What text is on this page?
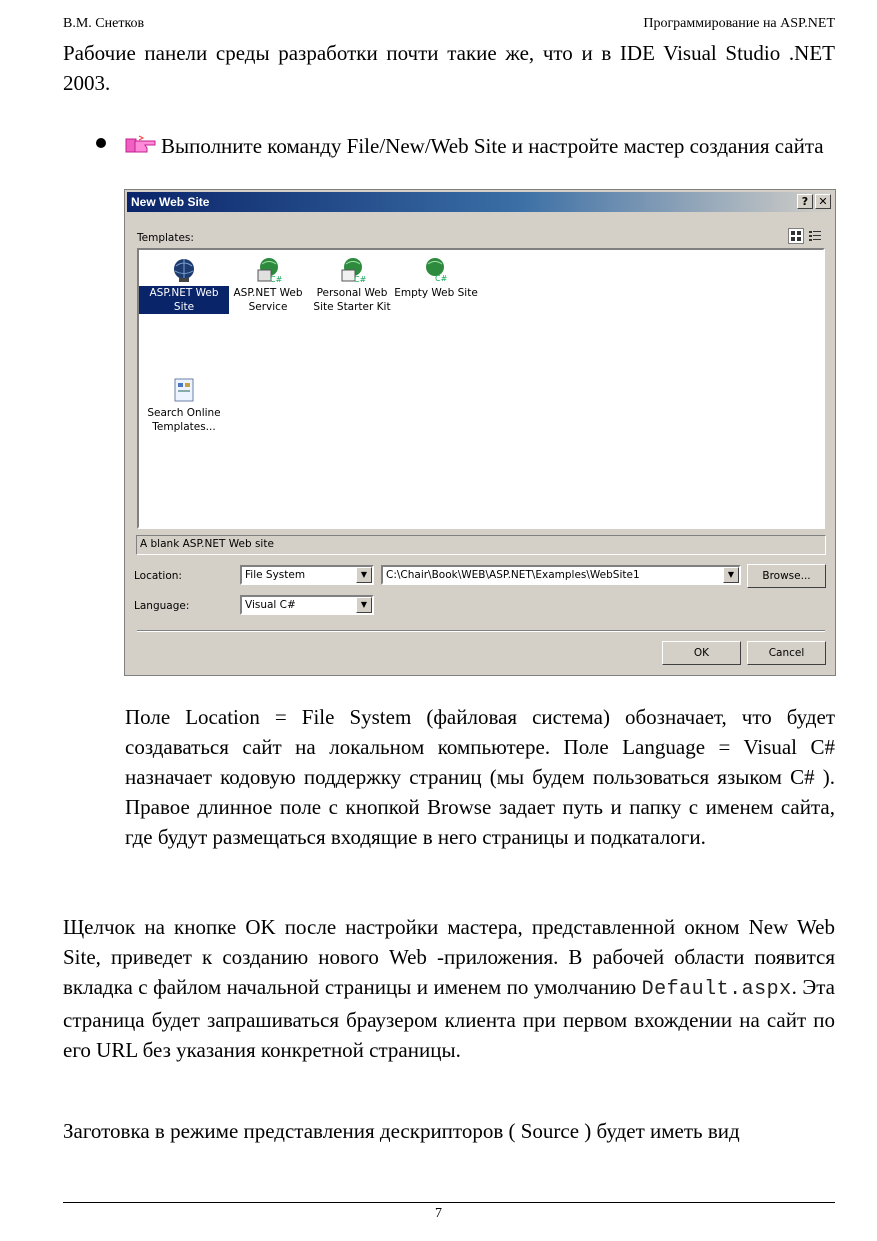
В.М. Снетков	Программирование на ASP.NET
Рабочие панели среды разработки почти такие же, что и в IDE Visual Studio .NET 2003.
Выполните команду File/New/Web Site и настройте мастер создания сайта
New Web Site	? ✕
Templates:
ASP.NET Web Site
C#
ASP.NET Web Service
C#
Personal Web Site Starter Kit
C#
Empty Web Site
Search Online Templates...
A blank ASP.NET Web site
Location:	File System	▼	C:\Chair\Book\WEB\ASP.NET\Examples\WebSite1	▼	Browse...
Language:	Visual C#	▼
OK	Cancel
Поле Location = File System (файловая система) обозначает, что будет создаваться сайт на локальном компьютере. Поле Language = Visual C# назначает кодовую поддержку страниц (мы будем пользоваться языком C# ). Правое длинное поле с кнопкой Browse задает путь и папку с именем сайта, где будут размещаться входящие в него страницы и подкаталоги.
Щелчок на кнопке OK после настройки мастера, представленной окном New Web Site, приведет к созданию нового Web -приложения. В рабочей области появится вкладка с файлом начальной страницы и именем по умолчанию Default.aspx. Эта страница будет запрашиваться браузером клиента при первом вхождении на сайт по его URL без указания конкретной страницы.
Заготовка в режиме представления дескрипторов ( Source ) будет иметь вид
7
